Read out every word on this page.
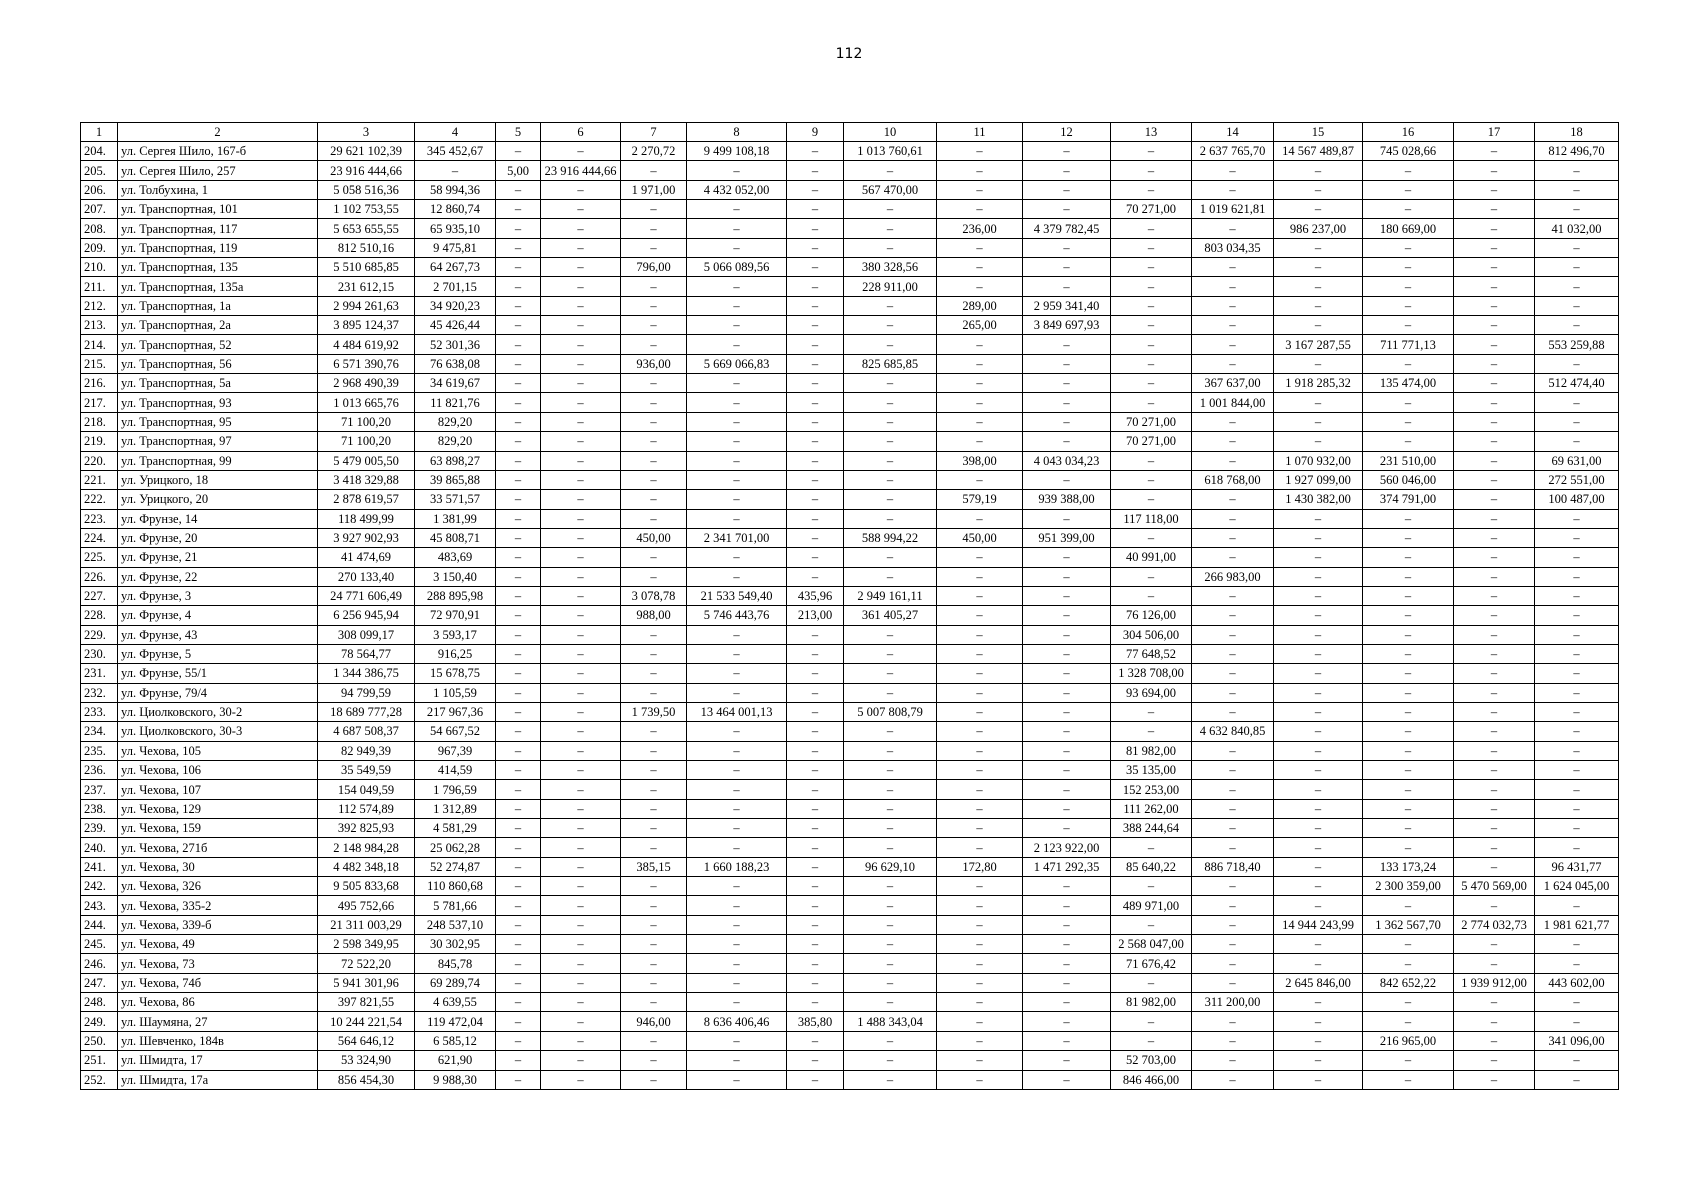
112
1	2	3	4	5	6	7	8	9	10	11	12	13	14	15	16	17	18
204.	ул. Сергея Шило, 167-б	29 621 102,39	345 452,67	–	–	2 270,72	9 499 108,18	–	1 013 760,61	–	–	–	2 637 765,70	14 567 489,87	745 028,66	–	812 496,70
205.	ул. Сергея Шило, 257	23 916 444,66	–	5,00	23 916 444,66	–	–	–	–	–	–	–	–	–	–	–	–
206.	ул. Толбухина, 1	5 058 516,36	58 994,36	–	–	1 971,00	4 432 052,00	–	567 470,00	–	–	–	–	–	–	–	–
207.	ул. Транспортная, 101	1 102 753,55	12 860,74	–	–	–	–	–	–	–	–	70 271,00	1 019 621,81	–	–	–	–
208.	ул. Транспортная, 117	5 653 655,55	65 935,10	–	–	–	–	–	–	236,00	4 379 782,45	–	–	986 237,00	180 669,00	–	41 032,00
209.	ул. Транспортная, 119	812 510,16	9 475,81	–	–	–	–	–	–	–	–	–	803 034,35	–	–	–	–
210.	ул. Транспортная, 135	5 510 685,85	64 267,73	–	–	796,00	5 066 089,56	–	380 328,56	–	–	–	–	–	–	–	–
211.	ул. Транспортная, 135а	231 612,15	2 701,15	–	–	–	–	–	228 911,00	–	–	–	–	–	–	–	–
212.	ул. Транспортная, 1а	2 994 261,63	34 920,23	–	–	–	–	–	–	289,00	2 959 341,40	–	–	–	–	–	–
213.	ул. Транспортная, 2а	3 895 124,37	45 426,44	–	–	–	–	–	–	265,00	3 849 697,93	–	–	–	–	–	–
214.	ул. Транспортная, 52	4 484 619,92	52 301,36	–	–	–	–	–	–	–	–	–	–	3 167 287,55	711 771,13	–	553 259,88
215.	ул. Транспортная, 56	6 571 390,76	76 638,08	–	–	936,00	5 669 066,83	–	825 685,85	–	–	–	–	–	–	–	–
216.	ул. Транспортная, 5а	2 968 490,39	34 619,67	–	–	–	–	–	–	–	–	–	367 637,00	1 918 285,32	135 474,00	–	512 474,40
217.	ул. Транспортная, 93	1 013 665,76	11 821,76	–	–	–	–	–	–	–	–	–	1 001 844,00	–	–	–	–
218.	ул. Транспортная, 95	71 100,20	829,20	–	–	–	–	–	–	–	–	70 271,00	–	–	–	–	–
219.	ул. Транспортная, 97	71 100,20	829,20	–	–	–	–	–	–	–	–	70 271,00	–	–	–	–	–
220.	ул. Транспортная, 99	5 479 005,50	63 898,27	–	–	–	–	–	–	398,00	4 043 034,23	–	–	1 070 932,00	231 510,00	–	69 631,00
221.	ул. Урицкого, 18	3 418 329,88	39 865,88	–	–	–	–	–	–	–	–	–	618 768,00	1 927 099,00	560 046,00	–	272 551,00
222.	ул. Урицкого, 20	2 878 619,57	33 571,57	–	–	–	–	–	–	579,19	939 388,00	–	–	1 430 382,00	374 791,00	–	100 487,00
223.	ул. Фрунзе, 14	118 499,99	1 381,99	–	–	–	–	–	–	–	–	117 118,00	–	–	–	–	–
224.	ул. Фрунзе, 20	3 927 902,93	45 808,71	–	–	450,00	2 341 701,00	–	588 994,22	450,00	951 399,00	–	–	–	–	–	–
225.	ул. Фрунзе, 21	41 474,69	483,69	–	–	–	–	–	–	–	–	40 991,00	–	–	–	–	–
226.	ул. Фрунзе, 22	270 133,40	3 150,40	–	–	–	–	–	–	–	–	–	266 983,00	–	–	–	–
227.	ул. Фрунзе, 3	24 771 606,49	288 895,98	–	–	3 078,78	21 533 549,40	435,96	2 949 161,11	–	–	–	–	–	–	–	–
228.	ул. Фрунзе, 4	6 256 945,94	72 970,91	–	–	988,00	5 746 443,76	213,00	361 405,27	–	–	76 126,00	–	–	–	–	–
229.	ул. Фрунзе, 43	308 099,17	3 593,17	–	–	–	–	–	–	–	–	304 506,00	–	–	–	–	–
230.	ул. Фрунзе, 5	78 564,77	916,25	–	–	–	–	–	–	–	–	77 648,52	–	–	–	–	–
231.	ул. Фрунзе, 55/1	1 344 386,75	15 678,75	–	–	–	–	–	–	–	–	1 328 708,00	–	–	–	–	–
232.	ул. Фрунзе, 79/4	94 799,59	1 105,59	–	–	–	–	–	–	–	–	93 694,00	–	–	–	–	–
233.	ул. Циолковского, 30-2	18 689 777,28	217 967,36	–	–	1 739,50	13 464 001,13	–	5 007 808,79	–	–	–	–	–	–	–	–
234.	ул. Циолковского, 30-3	4 687 508,37	54 667,52	–	–	–	–	–	–	–	–	–	4 632 840,85	–	–	–	–
235.	ул. Чехова, 105	82 949,39	967,39	–	–	–	–	–	–	–	–	81 982,00	–	–	–	–	–
236.	ул. Чехова, 106	35 549,59	414,59	–	–	–	–	–	–	–	–	35 135,00	–	–	–	–	–
237.	ул. Чехова, 107	154 049,59	1 796,59	–	–	–	–	–	–	–	–	152 253,00	–	–	–	–	–
238.	ул. Чехова, 129	112 574,89	1 312,89	–	–	–	–	–	–	–	–	111 262,00	–	–	–	–	–
239.	ул. Чехова, 159	392 825,93	4 581,29	–	–	–	–	–	–	–	–	388 244,64	–	–	–	–	–
240.	ул. Чехова, 271б	2 148 984,28	25 062,28	–	–	–	–	–	–	–	2 123 922,00	–	–	–	–	–	–
241.	ул. Чехова, 30	4 482 348,18	52 274,87	–	–	385,15	1 660 188,23	–	96 629,10	172,80	1 471 292,35	85 640,22	886 718,40	–	133 173,24	–	96 431,77
242.	ул. Чехова, 326	9 505 833,68	110 860,68	–	–	–	–	–	–	–	–	–	–	–	2 300 359,00	5 470 569,00	1 624 045,00
243.	ул. Чехова, 335-2	495 752,66	5 781,66	–	–	–	–	–	–	–	–	489 971,00	–	–	–	–	–
244.	ул. Чехова, 339-б	21 311 003,29	248 537,10	–	–	–	–	–	–	–	–	–	–	14 944 243,99	1 362 567,70	2 774 032,73	1 981 621,77
245.	ул. Чехова, 49	2 598 349,95	30 302,95	–	–	–	–	–	–	–	–	2 568 047,00	–	–	–	–	–
246.	ул. Чехова, 73	72 522,20	845,78	–	–	–	–	–	–	–	–	71 676,42	–	–	–	–	–
247.	ул. Чехова, 74б	5 941 301,96	69 289,74	–	–	–	–	–	–	–	–	–	–	2 645 846,00	842 652,22	1 939 912,00	443 602,00
248.	ул. Чехова, 86	397 821,55	4 639,55	–	–	–	–	–	–	–	–	81 982,00	311 200,00	–	–	–	–
249.	ул. Шаумяна, 27	10 244 221,54	119 472,04	–	–	946,00	8 636 406,46	385,80	1 488 343,04	–	–	–	–	–	–	–	–
250.	ул. Шевченко, 184в	564 646,12	6 585,12	–	–	–	–	–	–	–	–	–	–	–	216 965,00	–	341 096,00
251.	ул. Шмидта, 17	53 324,90	621,90	–	–	–	–	–	–	–	–	52 703,00	–	–	–	–	–
252.	ул. Шмидта, 17а	856 454,30	9 988,30	–	–	–	–	–	–	–	–	846 466,00	–	–	–	–	–
